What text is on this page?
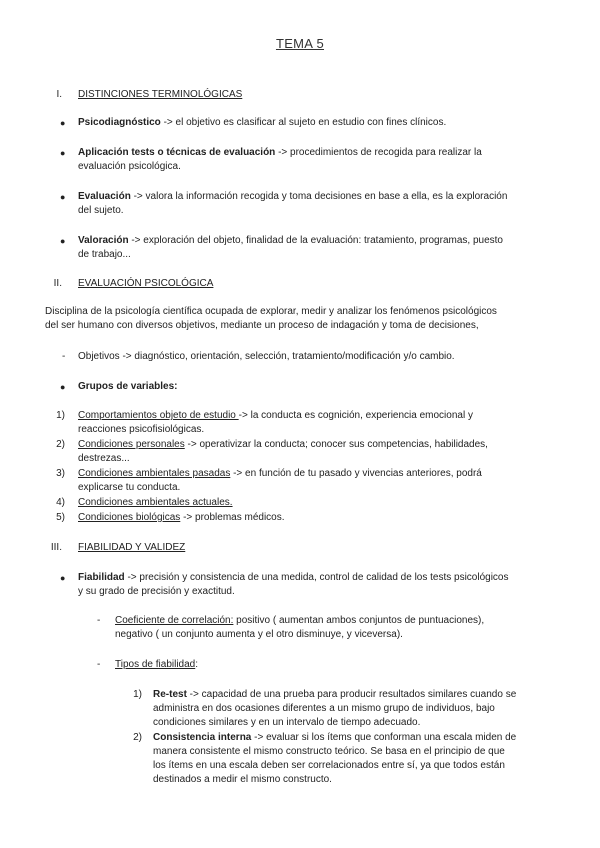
TEMA 5
I. DISTINCIONES TERMINOLÓGICAS
● Psicodiagnóstico -> el objetivo es clasificar al sujeto en estudio con fines clínicos.
● Aplicación tests o técnicas de evaluación -> procedimientos de recogida para realizar la
evaluación psicológica.
● Evaluación -> valora la información recogida y toma decisiones en base a ella, es la exploración
del sujeto.
● Valoración -> exploración del objeto, finalidad de la evaluación: tratamiento, programas, puesto
de trabajo...
II. EVALUACIÓN PSICOLÓGICA
Disciplina de la psicología científica ocupada de explorar, medir y analizar los fenómenos psicológicos
del ser humano con diversos objetivos, mediante un proceso de indagación y toma de decisiones,
- Objetivos -> diagnóstico, orientación, selección, tratamiento/modificación y/o cambio.
● Grupos de variables:
1) Comportamientos objeto de estudio -> la conducta es cognición, experiencia emocional y
reacciones psicofisiológicas.
2) Condiciones personales -> operativizar la conducta; conocer sus competencias, habilidades,
destrezas...
3) Condiciones ambientales pasadas -> en función de tu pasado y vivencias anteriores, podrá
explicarse tu conducta.
4) Condiciones ambientales actuales.
5) Condiciones biológicas -> problemas médicos.
III. FIABILIDAD Y VALIDEZ
● Fiabilidad -> precisión y consistencia de una medida, control de calidad de los tests psicológicos
y su grado de precisión y exactitud.
- Coeficiente de correlación: positivo ( aumentan ambos conjuntos de puntuaciones),
negativo ( un conjunto aumenta y el otro disminuye, y viceversa).
- Tipos de fiabilidad:
1) Re-test -> capacidad de una prueba para producir resultados similares cuando se
administra en dos ocasiones diferentes a un mismo grupo de individuos, bajo
condiciones similares y en un intervalo de tiempo adecuado.
2) Consistencia interna -> evaluar si los ítems que conforman una escala miden de
manera consistente el mismo constructo teórico. Se basa en el principio de que
los ítems en una escala deben ser correlacionados entre sí, ya que todos están
destinados a medir el mismo constructo.
